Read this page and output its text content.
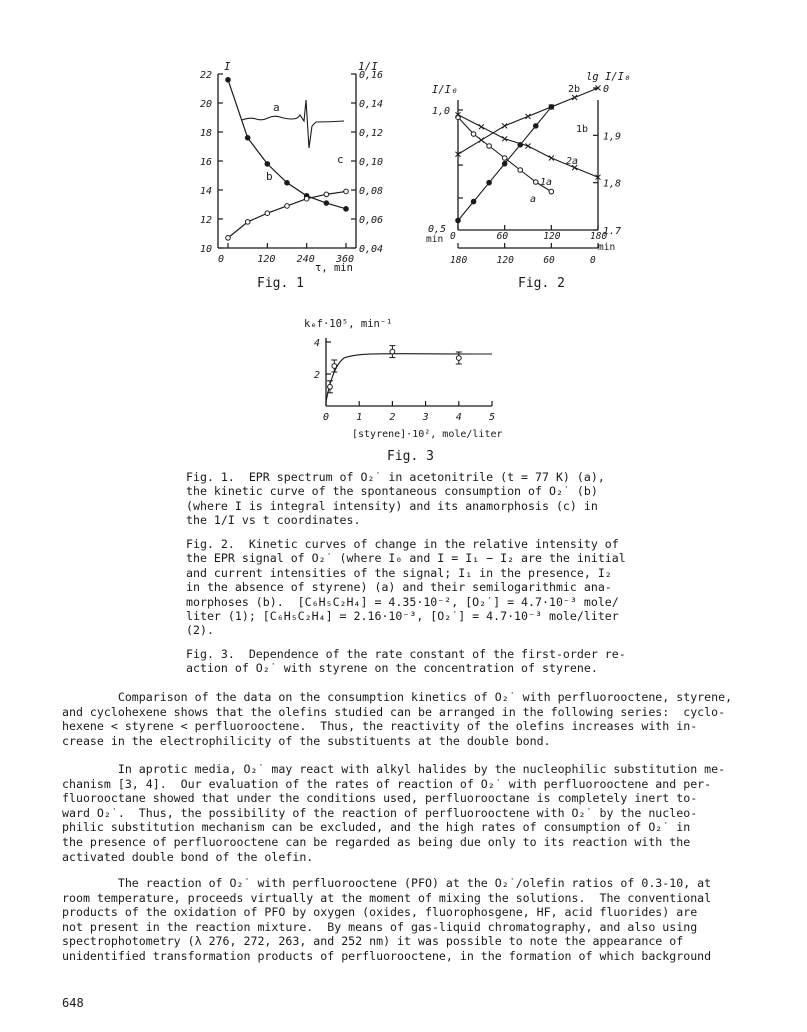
22
20
18
16
14
12
10
0,16
0,14
0,12
0,10
0,08
0,06
0,04
0	120 240 360
I	1/I
a
b
c
τ, min
Fig. 1
1,0
0,5
0
1,9
1,8
1.7
0	60	120	180
180	120	60	0
I/I₀
lg I/I₀
2b
1b
2a
1a
a
min
min
Fig. 2
kₑf·10⁵, min⁻¹
4
2
0	1	2	3	4	5
[styrene]·10², mole/liter
Fig. 3
Fig. 1.  EPR spectrum of O₂˙ in acetonitrile (t = 77 K) (a),
the kinetic curve of the spontaneous consumption of O₂˙ (b)
(where I is integral intensity) and its anamorphosis (c) in
the 1/I vs t coordinates.
Fig. 2.  Kinetic curves of change in the relative intensity of
the EPR signal of O₂˙ (where I₀ and I = I₁ − I₂ are the initial
and current intensities of the signal; I₁ in the presence, I₂
in the absence of styrene) (a) and their semilogarithmic ana-
morphoses (b).  [C₆H₅C₂H₄] = 4.35·10⁻², [O₂˙] = 4.7·10⁻³ mole/
liter (1); [C₆H₅C₂H₄] = 2.16·10⁻³, [O₂˙] = 4.7·10⁻³ mole/liter
(2).
Fig. 3.  Dependence of the rate constant of the first-order re-
action of O₂˙ with styrene on the concentration of styrene.
Comparison of the data on the consumption kinetics of O₂˙ with perfluorooctene, styrene,
and cyclohexene shows that the olefins studied can be arranged in the following series:  cyclo-
hexene < styrene < perfluorooctene.  Thus, the reactivity of the olefins increases with in-
crease in the electrophilicity of the substituents at the double bond.
In aprotic media, O₂˙ may react with alkyl halides by the nucleophilic substitution me-
chanism [3, 4].  Our evaluation of the rates of reaction of O₂˙ with perfluorooctene and per-
fluorooctane showed that under the conditions used, perfluorooctane is completely inert to-
ward O₂˙.  Thus, the possibility of the reaction of perfluorooctene with O₂˙ by the nucleo-
philic substitution mechanism can be excluded, and the high rates of consumption of O₂˙ in
the presence of perfluorooctene can be regarded as being due only to its reaction with the
activated double bond of the olefin.
The reaction of O₂˙ with perfluorooctene (PFO) at the O₂˙/olefin ratios of 0.3-10, at
room temperature, proceeds virtually at the moment of mixing the solutions.  The conventional
products of the oxidation of PFO by oxygen (oxides, fluorophosgene, HF, acid fluorides) are
not present in the reaction mixture.  By means of gas-liquid chromatography, and also using
spectrophotometry (λ 276, 272, 263, and 252 nm) it was possible to note the appearance of
unidentified transformation products of perfluorooctene, in the formation of which background
648
